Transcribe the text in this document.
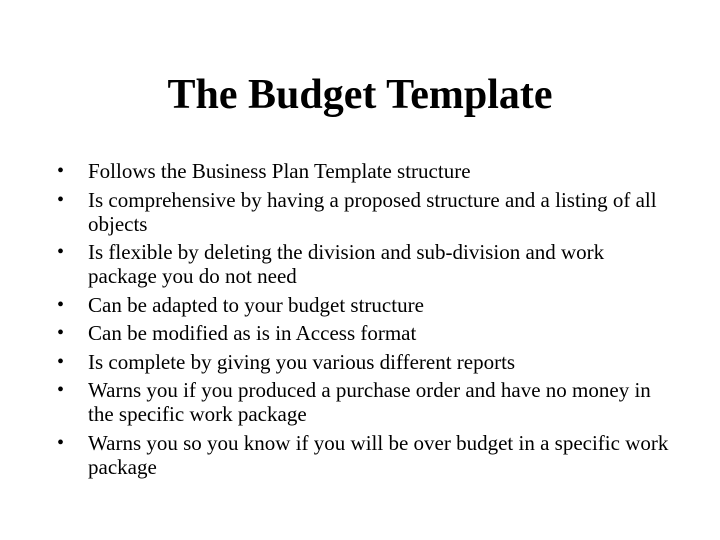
The Budget Template
• Follows the Business Plan Template structure
• Is comprehensive by having a proposed structure and a listing of all objects
• Is flexible by deleting the division and sub-division and work package you do not need
• Can be adapted to your budget structure
• Can be modified as is in Access format
• Is complete by giving you various different reports
• Warns you if you produced a purchase order and have no money in the specific work package
• Warns you so you know if you will be over budget in a specific work package
